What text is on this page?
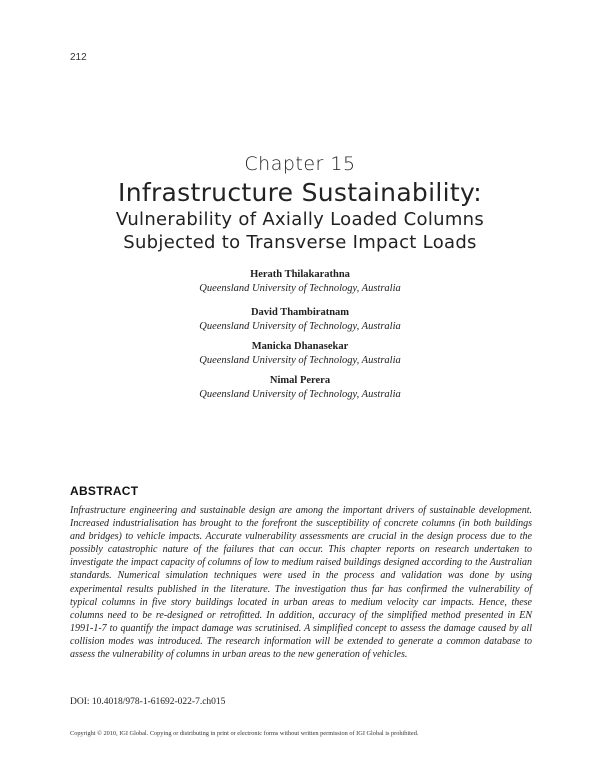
212
Chapter 15
Infrastructure Sustainability:
Vulnerability of Axially Loaded Columns
Subjected to Transverse Impact Loads
Herath Thilakarathna
Queensland University of Technology, Australia
David Thambiratnam
Queensland University of Technology, Australia
Manicka Dhanasekar
Queensland University of Technology, Australia
Nimal Perera
Queensland University of Technology, Australia
ABSTRACT

Infrastructure engineering and sustainable design are among the important drivers of sustainable development. Increased industrialisation has brought to the forefront the susceptibility of concrete columns (in both buildings and bridges) to vehicle impacts. Accurate vulnerability assessments are crucial in the design process due to the possibly catastrophic nature of the failures that can occur. This chapter reports on research undertaken to investigate the impact capacity of columns of low to medium raised buildings designed according to the Australian standards. Numerical simulation techniques were used in the process and validation was done by using experimental results published in the literature. The investigation thus far has confirmed the vulnerability of typical columns in five story buildings located in urban areas to medium velocity car impacts. Hence, these columns need to be re-designed or retrofitted. In addition, accuracy of the simplified method presented in EN 1991-1-7 to quantify the impact damage was scrutinised. A simplified concept to assess the damage caused by all collision modes was introduced. The research information will be extended to generate a common database to assess the vulnerability of columns in urban areas to the new generation of vehicles.

DOI: 10.4018/978-1-61692-022-7.ch015
Copyright © 2010, IGI Global. Copying or distributing in print or electronic forms without written permission of IGI Global is prohibited.
